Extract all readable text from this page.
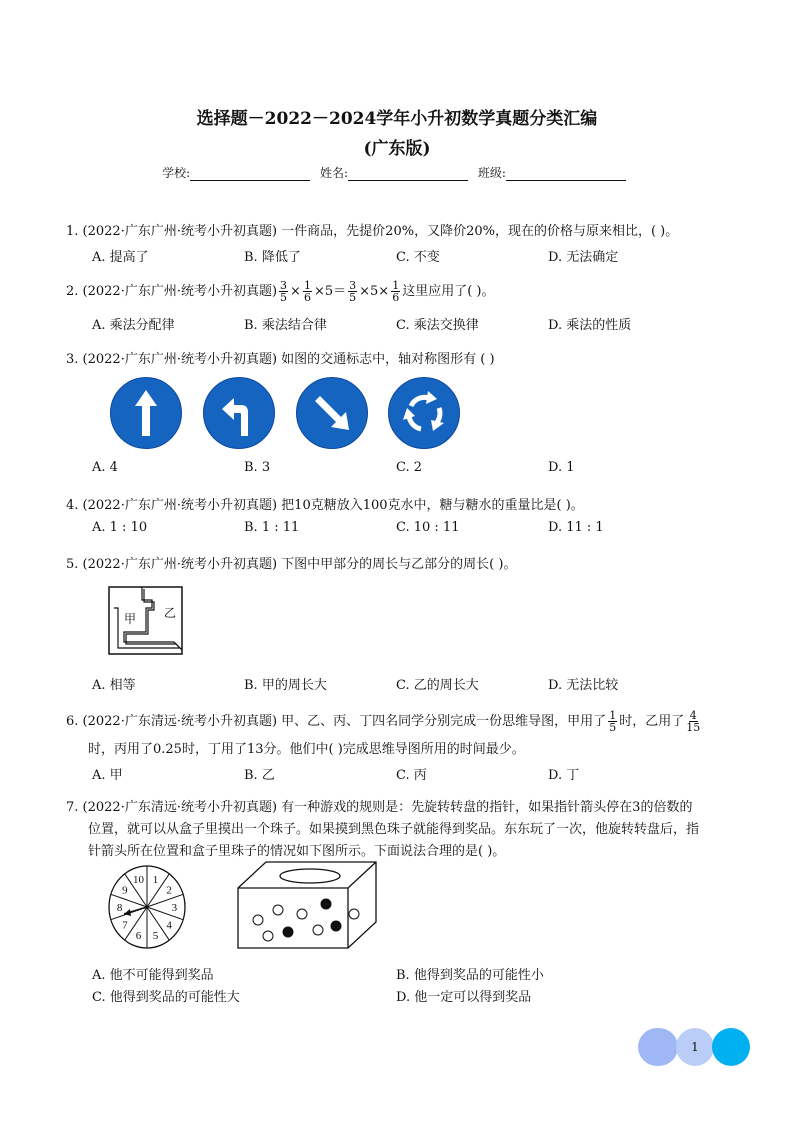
选择题－2022－2024学年小升初数学真题分类汇编
(广东版)
学校:	姓名:	班级:
1. (2022·广东广州·统考小升初真题) 一件商品，先提价20%，又降价20%，现在的价格与原来相比，( )。
A. 提高了	B. 降低了	C. 不变	D. 无法确定
2. (2022·广东广州·统考小升初真题) $\frac{3}{5} \times \frac{1}{6} \times 5= \frac{3}{5} \times 5\times \frac{1}{6}$ 这里应用了( )。
A. 乘法分配律	B. 乘法结合律	C. 乘法交换律	D. 乘法的性质
3. (2022·广东广州·统考小升初真题) 如图的交通标志中，轴对称图形有 ( )
A. 4	B. 3	C. 2	D. 1
4. (2022·广东广州·统考小升初真题) 把10克糖放入100克水中，糖与糖水的重量比是( )。
A. 1 : 10	B. 1 : 11	C. 10 : 11	D. 11 : 1
5. (2022·广东广州·统考小升初真题) 下图中甲部分的周长与乙部分的周长( )。
甲 乙
A. 相等	B. 甲的周长大	C. 乙的周长大	D. 无法比较
6. (2022·广东清远·统考小升初真题) 甲、乙、丙、丁四名同学分别完成一份思维导图，甲用了 $\frac{1}{5}$ 时，乙用了 $\frac{4}{15}$
时，丙用了0.25时，丁用了13分。他们中( )完成思维导图所用的时间最少。
A. 甲	B. 乙	C. 丙	D. 丁
7. (2022·广东清远·统考小升初真题) 有一种游戏的规则是：先旋转转盘的指针，如果指针箭头停在3的倍数的
位置，就可以从盒子里摸出一个珠子。如果摸到黑色珠子就能得到奖品。东东玩了一次，他旋转转盘后，指
针箭头所在位置和盒子里珠子的情况如下图所示。下面说法合理的是( )。
1
2
3
4
5
6
7
8
9
10
A. 他不可能得到奖品	B. 他得到奖品的可能性小
C. 他得到奖品的可能性大	D. 他一定可以得到奖品
1
